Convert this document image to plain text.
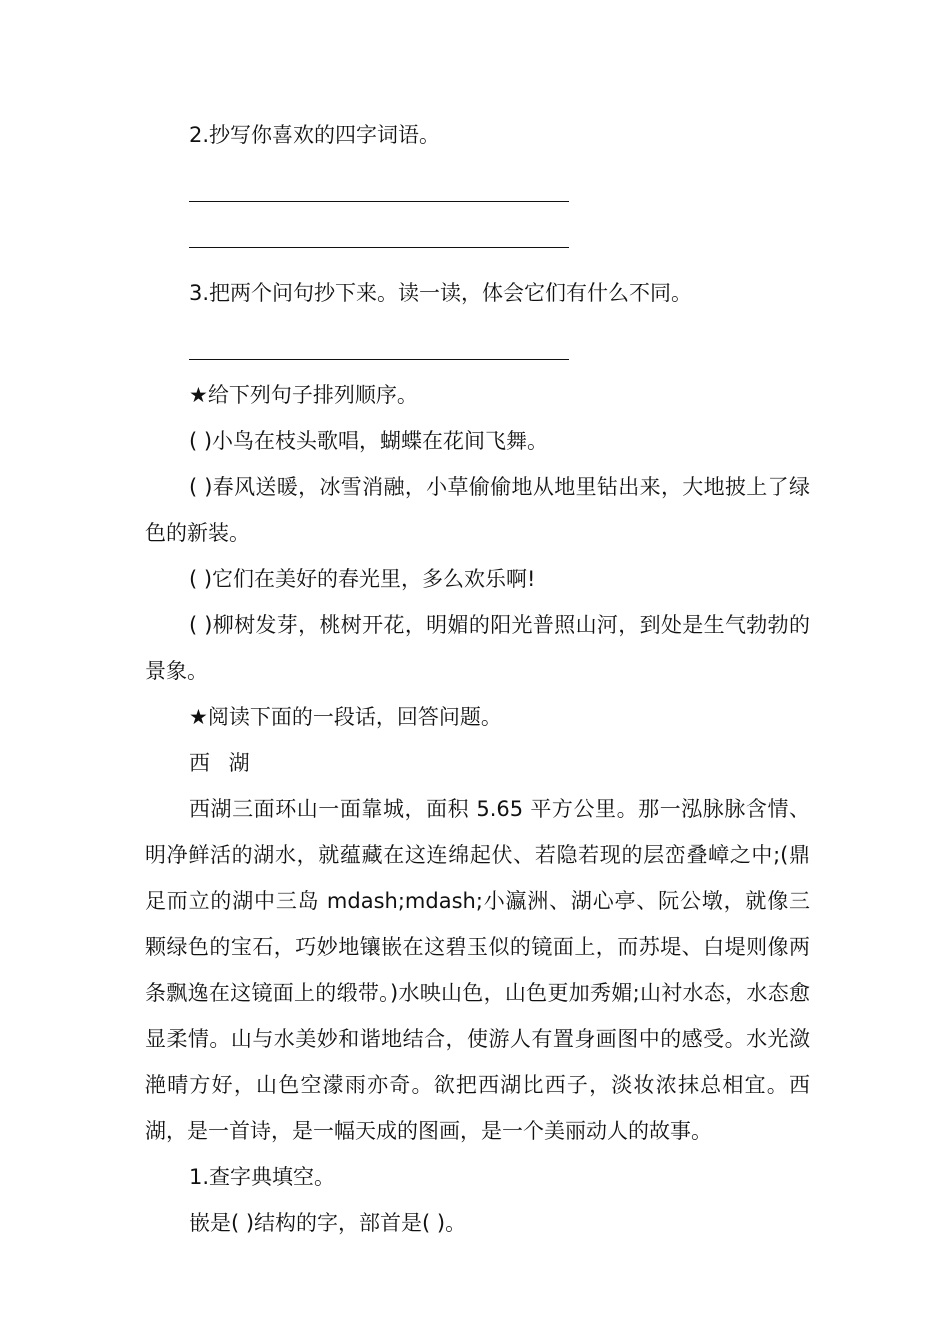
2.抄写你喜欢的四字词语。

3.把两个问句抄下来。读一读，体会它们有什么不同。

★给下列句子排列顺序。

( )小鸟在枝头歌唱，蝴蝶在花间飞舞。

( )春风送暖，冰雪消融，小草偷偷地从地里钻出来，大地披上了绿色的新装。

( )它们在美好的春光里，多么欢乐啊!

( )柳树发芽，桃树开花，明媚的阳光普照山河，到处是生气勃勃的景象。

★阅读下面的一段话，回答问题。

西 湖

西湖三面环山一面靠城，面积 5.65 平方公里。那一泓脉脉含情、明净鲜活的湖水，就蕴藏在这连绵起伏、若隐若现的层峦叠嶂之中;(鼎足而立的湖中三岛 mdash;mdash;小瀛洲、湖心亭、阮公墩，就像三颗绿色的宝石，巧妙地镶嵌在这碧玉似的镜面上，而苏堤、白堤则像两条飘逸在这镜面上的缎带。)水映山色，山色更加秀媚;山衬水态，水态愈显柔情。山与水美妙和谐地结合，使游人有置身画图中的感受。水光潋滟晴方好，山色空濛雨亦奇。欲把西湖比西子，淡妆浓抹总相宜。西湖，是一首诗，是一幅天成的图画，是一个美丽动人的故事。

1.查字典填空。

嵌是( )结构的字，部首是( )。
